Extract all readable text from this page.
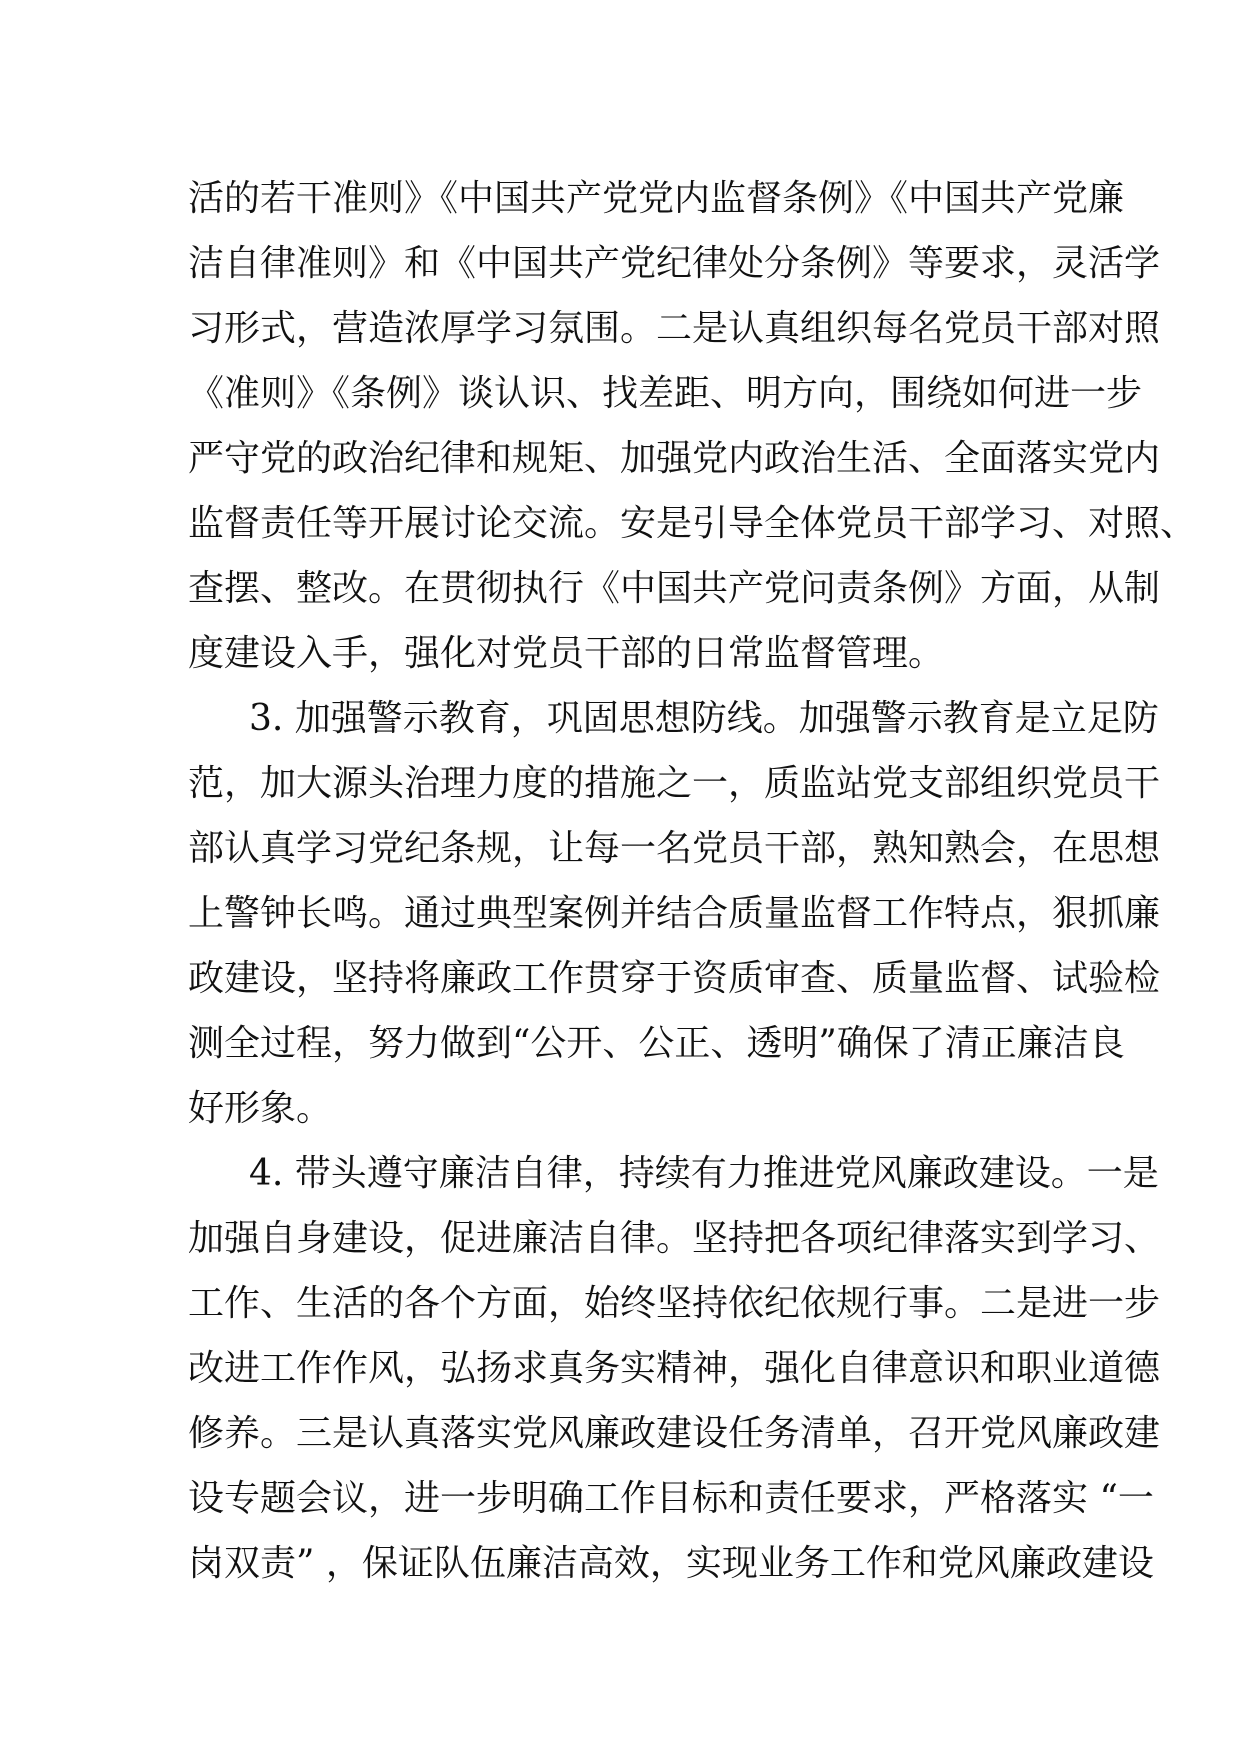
活的若干准则》《中国共产党党内监督条例》《中国共产党廉
洁自律准则》和《中国共产党纪律处分条例》等要求，灵活学
习形式，营造浓厚学习氛围。二是认真组织每名党员干部对照
《准则》《条例》谈认识、找差距、明方向，围绕如何进一步
严守党的政治纪律和规矩、加强党内政治生活、全面落实党内
监督责任等开展讨论交流。安是引导全体党员干部学习、对照、
查摆、整改。在贯彻执行《中国共产党问责条例》方面，从制
度建设入手，强化对党员干部的日常监督管理。
3. 加强警示教育，巩固思想防线。加强警示教育是立足防
范，加大源头治理力度的措施之一，质监站党支部组织党员干
部认真学习党纪条规，让每一名党员干部，熟知熟会，在思想
上警钟长鸣。通过典型案例并结合质量监督工作特点，狠抓廉
政建设，坚持将廉政工作贯穿于资质审查、质量监督、试验检
测全过程，努力做到“公开、公正、透明”确保了清正廉洁良
好形象。
4. 带头遵守廉洁自律，持续有力推进党风廉政建设。一是
加强自身建设，促进廉洁自律。坚持把各项纪律落实到学习、
工作、生活的各个方面，始终坚持依纪依规行事。二是进一步
改进工作作风，弘扬求真务实精神，强化自律意识和职业道德
修养。三是认真落实党风廉政建设任务清单，召开党风廉政建
设专题会议，进一步明确工作目标和责任要求，严格落实 “一
岗双责” ，保证队伍廉洁高效，实现业务工作和党风廉政建设
